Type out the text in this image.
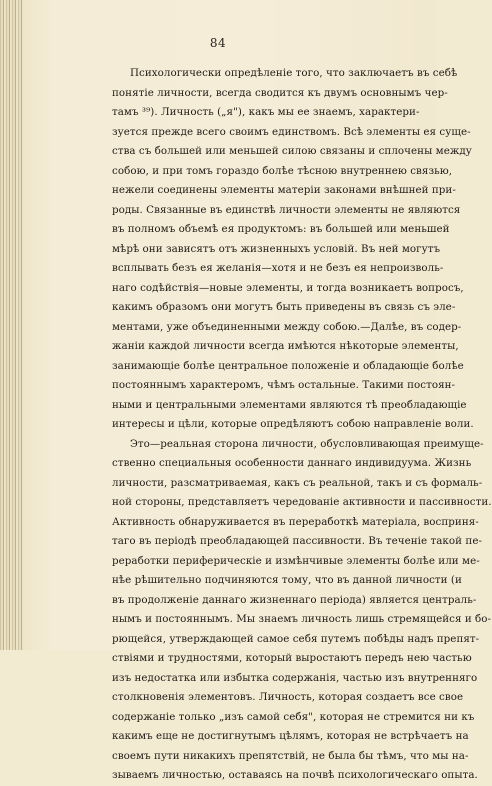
84
Психологически опредѣленіе того, что заключаетъ въ себѣ
понятіе личности, всегда сводится къ двумъ основнымъ чер-
тамъ ³⁹). Личность („я"), какъ мы ее знаемъ, характери-
зуется прежде всего своимъ единствомъ. Всѣ элементы ея суще-
ства съ большей или меньшей силою связаны и сплочены между
собою, и при томъ гораздо болѣе тѣсною внутреннею связью,
нежели соединены элементы матеріи законами внѣшней при-
роды. Связанные въ единствѣ личности элементы не являются
въ полномъ объемѣ ея продуктомъ: въ большей или меньшей
мѣрѣ они зависятъ отъ жизненныхъ условій. Въ ней могутъ
всплывать безъ ея желанія—хотя и не безъ ея непроизволь-
наго содѣйствія—новые элементы, и тогда возникаетъ вопросъ,
какимъ образомъ они могутъ быть приведены въ связь съ эле-
ментами, уже объединенными между собою.—Далѣе, въ содер-
жаніи каждой личности всегда имѣются нѣкоторые элементы,
занимающіе болѣе центральное положеніе и обладающіе болѣе
постояннымъ характеромъ, чѣмъ остальные. Такими постоян-
ными и центральными элементами являются тѣ преобладающіе
интересы и цѣли, которые опредѣляютъ собою направленіе воли.
Это—реальная сторона личности, обусловливающая преимуще-
ственно специальныя особенности даннаго индивидуума. Жизнь
личности, разсматриваемая, какъ съ реальной, такъ и съ формаль-
ной стороны, представляетъ чередованіе активности и пассивности.
Активность обнаруживается въ переработкѣ матеріала, восприня-
таго въ періодѣ преобладающей пассивности. Въ теченіе такой пе-
реработки периферическіе и измѣнчивые элементы болѣе или ме-
нѣе рѣшительно подчиняются тому, что въ данной личности (и
въ продолженіе даннаго жизненнаго періода) является централь-
нымъ и постояннымъ. Мы знаемъ личность лишь стремящейся и бо-
рющейся, утверждающей самое себя путемъ побѣды надъ препят-
ствіями и трудностями, который выростаютъ передъ нею частью
изъ недостатка или избытка содержанія, частью изъ внутренняго
столкновенія элементовъ. Личность, которая создаетъ все свое
содержаніе только „изъ самой себя", которая не стремится ни къ
какимъ еще не достигнутымъ цѣлямъ, которая не встрѣчаетъ на
своемъ пути никакихъ препятствій, не была бы тѣмъ, что мы на-
зываемъ личностью, оставаясь на почвѣ психологическаго опыта.
